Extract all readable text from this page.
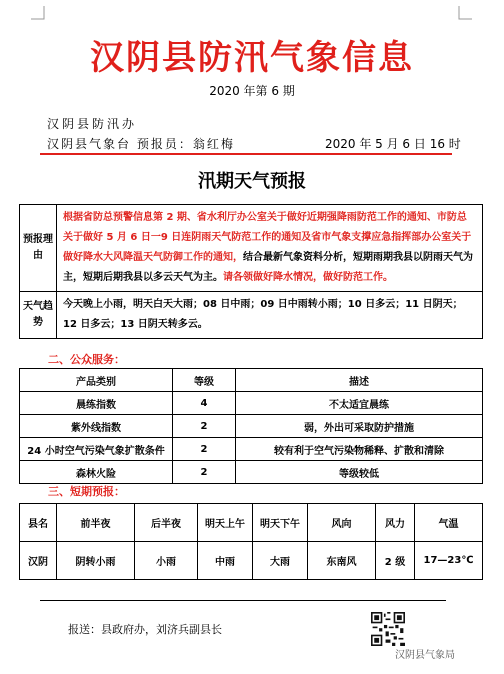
汉阴县防汛气象信息
2020 年第 6 期
汉阴县防汛办
汉阴县气象台 预报员：翁红梅	2020 年 5 月 6 日 16 时
汛期天气预报
预报理由	根据省防总预警信息第 2 期、省水利厅办公室关于做好近期强降雨防范工作的通知、市防总关于做好 5 月 6 日一9 日连阴雨天气防范工作的通知及省市气象支撑应急指挥部办公室关于做好降水大风降温天气防御工作的通知，结合最新气象资料分析，短期雨期我县以阴雨天气为主，短期后期我县以多云天气为主。请各领做好降水情况，做好防范工作。
天气趋势	今天晚上小雨，明天白天大雨；08 日中雨；09 日中雨转小雨；10 日多云；11 日阴天；12 日多云；13 日阴天转多云。
二、公众服务：
产品类别	等级	描述
晨练指数	4	不太适宜晨练
紫外线指数	2	弱，外出可采取防护措施
24 小时空气污染气象扩散条件	2	较有利于空气污染物稀释、扩散和清除
森林火险	2	等级较低
三、短期预报：
县名	前半夜	后半夜	明天上午	明天下午	风向	风力	气温
汉阴	阴转小雨	小雨	中雨	大雨	东南风	2 级	17—23℃
报送：县政府办，刘济兵副县长
汉阴县气象局
